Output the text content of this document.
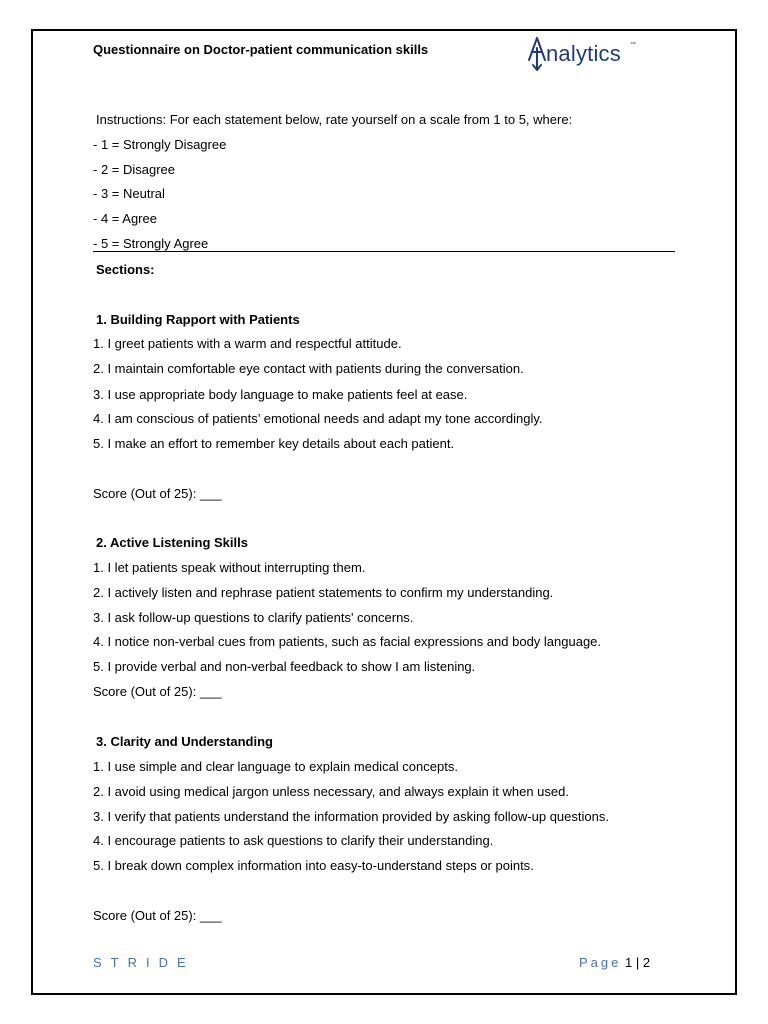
Questionnaire on Doctor-patient communication skills	nalytics ™
Instructions: For each statement below, rate yourself on a scale from 1 to 5, where:
- 1 = Strongly Disagree
- 2 = Disagree
- 3 = Neutral
- 4 = Agree
- 5 = Strongly Agree
Sections:
1. Building Rapport with Patients
1. I greet patients with a warm and respectful attitude.
2. I maintain comfortable eye contact with patients during the conversation.
3. I use appropriate body language to make patients feel at ease.
4. I am conscious of patients’ emotional needs and adapt my tone accordingly.
5. I make an effort to remember key details about each patient.
Score (Out of 25): ___
2. Active Listening Skills
1. I let patients speak without interrupting them.
2. I actively listen and rephrase patient statements to confirm my understanding.
3. I ask follow-up questions to clarify patients' concerns.
4. I notice non-verbal cues from patients, such as facial expressions and body language.
5. I provide verbal and non-verbal feedback to show I am listening.
Score (Out of 25): ___
3. Clarity and Understanding
1. I use simple and clear language to explain medical concepts.
2. I avoid using medical jargon unless necessary, and always explain it when used.
3. I verify that patients understand the information provided by asking follow-up questions.
4. I encourage patients to ask questions to clarify their understanding.
5. I break down complex information into easy-to-understand steps or points.
Score (Out of 25): ___
STRIDE	Page 1 | 2
